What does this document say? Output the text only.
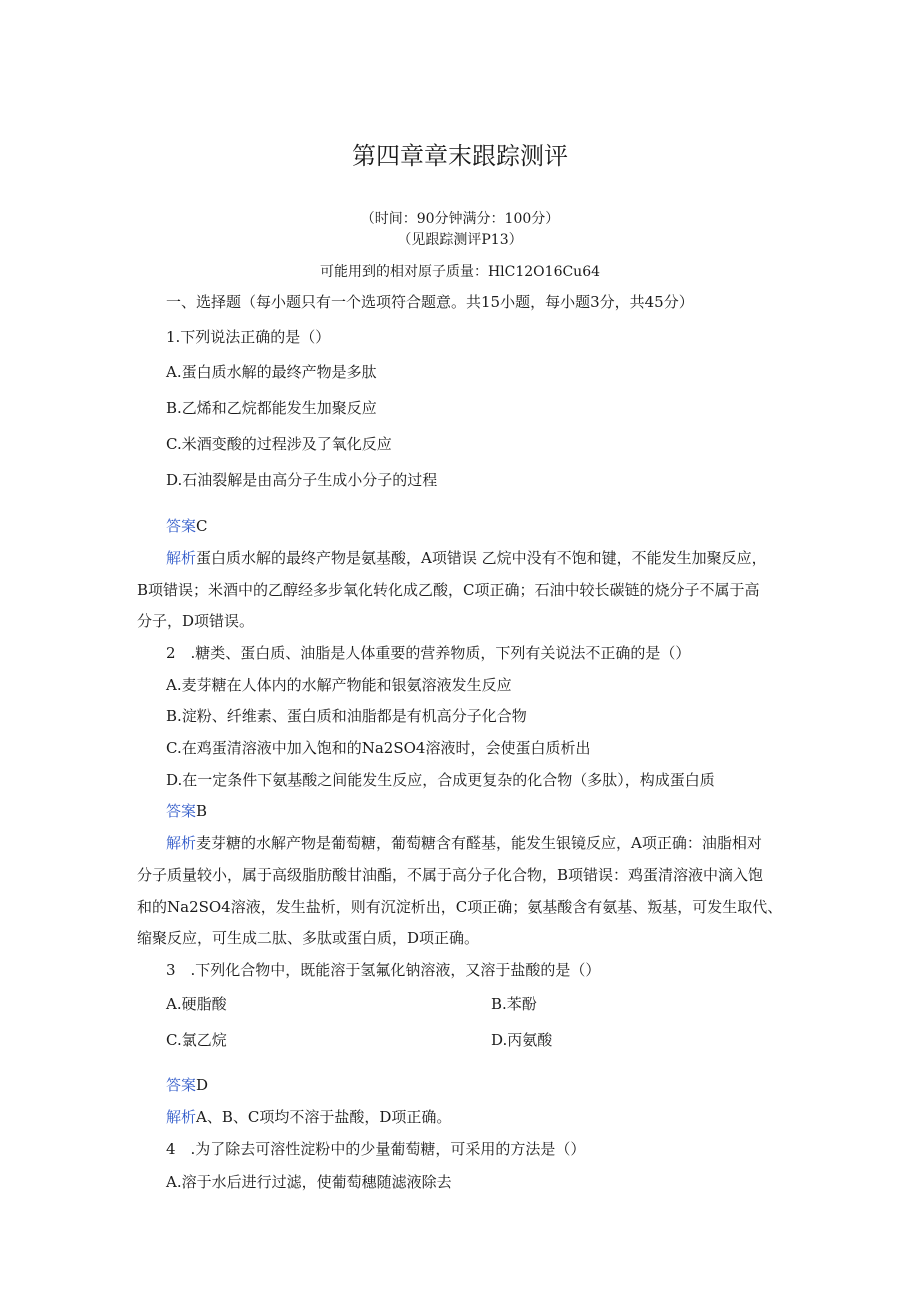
第四章章末跟踪测评
（时间：90分钟满分：100分）
（见跟踪测评P13）
可能用到的相对原子质量：HlC12O16Cu64
一、选择题（每小题只有一个选项符合题意。共15小题，每小题3分，共45分）
1.下列说法正确的是（）
A.蛋白质水解的最终产物是多肽
B.乙烯和乙烷都能发生加聚反应
C.米酒变酸的过程涉及了氧化反应
D.石油裂解是由高分子生成小分子的过程
答案C
解析蛋白质水解的最终产物是氨基酸，A项错误 乙烷中没有不饱和键，不能发生加聚反应，
B项错误；米酒中的乙醇经多步氧化转化成乙酸，C项正确；石油中较长碳链的烧分子不属于高
分子，D项错误。
2　.糖类、蛋白质、油脂是人体重要的营养物质，下列有关说法不正确的是（）
A.麦芽糖在人体内的水解产物能和银氨溶液发生反应
B.淀粉、纤维素、蛋白质和油脂都是有机高分子化合物
C.在鸡蛋清溶液中加入饱和的Na2SO4溶液时，会使蛋白质析出
D.在一定条件下氨基酸之间能发生反应，合成更复杂的化合物（多肽），构成蛋白质
答案B
解析麦芽糖的水解产物是葡萄糖，葡萄糖含有醛基，能发生银镜反应，A项正确：油脂相对
分子质量较小，属于高级脂肪酸甘油酯，不属于高分子化合物，B项错误：鸡蛋清溶液中滴入饱
和的Na2SO4溶液，发生盐析，则有沉淀析出，C项正确；氨基酸含有氨基、叛基，可发生取代、
缩聚反应，可生成二肽、多肽或蛋白质，D项正确。
3　.下列化合物中，既能溶于氢氟化钠溶液，又溶于盐酸的是（）
A.硬脂酸	B.苯酚
C.氯乙烷	D.丙氨酸
答案D
解析A、B、C项均不溶于盐酸，D项正确。
4　.为了除去可溶性淀粉中的少量葡萄糖，可采用的方法是（）
A.溶于水后进行过滤，使葡萄穗随滤液除去
